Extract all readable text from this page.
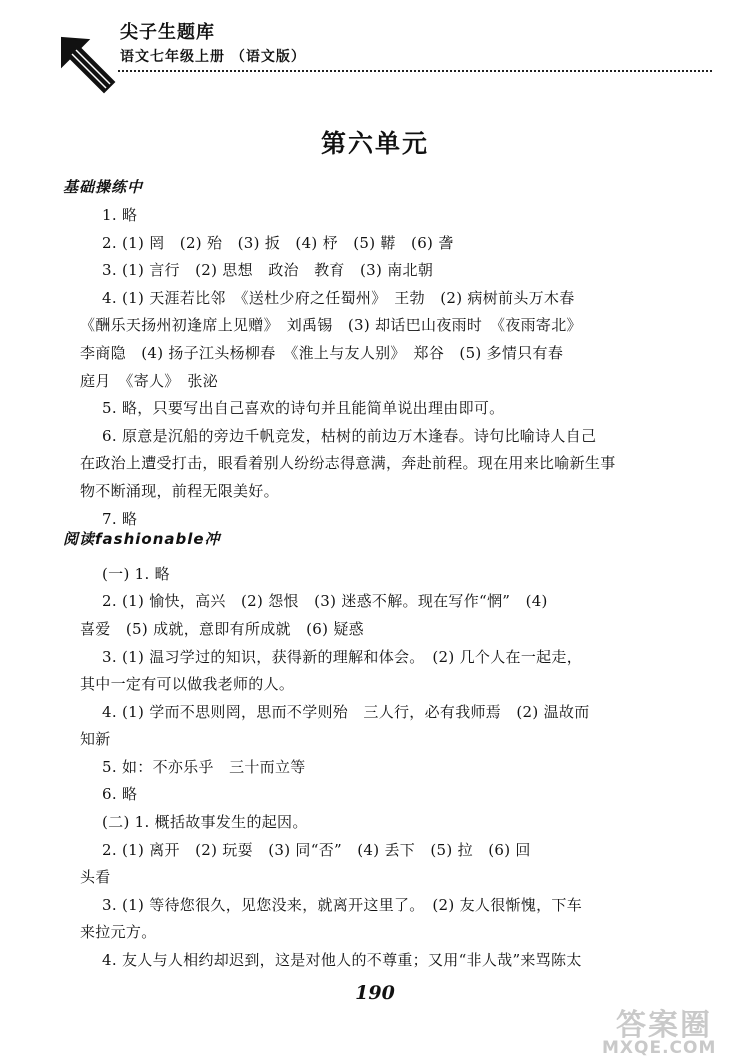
尖子生题库
语文七年级上册 （语文版）
第六单元
基础操练中
1. 略
2. (1) 罔　(2) 殆　(3) 扳　(4) 杼　(5) 鞯　(6) 詟
3. (1) 言行　(2) 思想　政治　教育　(3) 南北朝
4. (1) 天涯若比邻　《送杜少府之任蜀州》　王勃　(2) 病树前头万木春
《酬乐天扬州初逢席上见赠》　刘禹锡　(3) 却话巴山夜雨时　《夜雨寄北》
李商隐　(4) 扬子江头杨柳春　《淮上与友人别》　郑谷　(5) 多情只有春
庭月　《寄人》　张泌
5. 略，只要写出自己喜欢的诗句并且能简单说出理由即可。
6. 原意是沉船的旁边千帆竞发，枯树的前边万木逢春。诗句比喻诗人自己
在政治上遭受打击，眼看着别人纷纷志得意满，奔赴前程。现在用来比喻新生事
物不断涌现，前程无限美好。
7. 略
(一) 1. 略
2. (1) 愉快，高兴　(2) 怨恨　(3) 迷惑不解。现在写作“惘”　(4)
喜爱　(5) 成就，意即有所成就　(6) 疑惑
3. (1) 温习学过的知识，获得新的理解和体会。　(2) 几个人在一起走，
其中一定有可以做我老师的人。
4. (1) 学而不思则罔，思而不学则殆　三人行，必有我师焉　(2) 温故而
知新
5. 如：不亦乐乎　三十而立等
6. 略
(二) 1. 概括故事发生的起因。
2. (1) 离开　(2) 玩耍　(3) 同“否”　(4) 丢下　(5) 拉　(6) 回
头看
3. (1) 等待您很久，见您没来，就离开这里了。　(2) 友人很惭愧，下车
来拉元方。
4. 友人与人相约却迟到，这是对他人的不尊重；又用“非人哉”来骂陈太
阅读fashionable冲
190
答案圈
MXQE.COM
